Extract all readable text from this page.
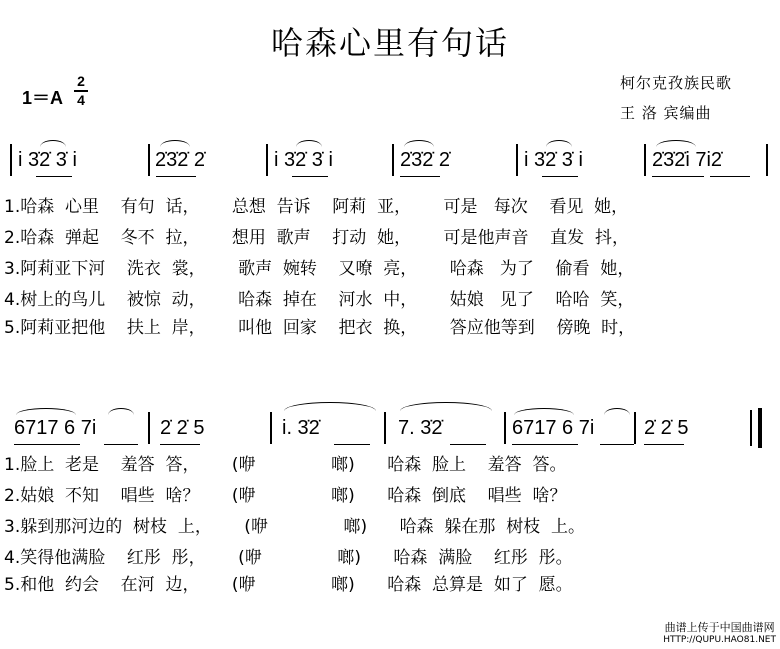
哈森心里有句话
1＝A
2
4
柯尔克孜族民歌
王 洛 宾编曲
i 3̇2̇ 3̇ i	2̇3̇2̇ 2̇	i 3̇2̇ 3̇ i	2̇3̇2̇ 2̇	i 3̇2̇ 3̇ i	2̇3̇2̇i 7i2̇
1.哈森  心里    有句  话，      总想  告诉    阿莉  亚，      可是   每次    看见  她，
2.哈森  弹起    冬不  拉，      想用  歌声    打动  她，      可是他声音    直发  抖，
3.阿莉亚下河    洗衣  裳，      歌声  婉转    又嘹  亮，      哈森   为了    偷看  她，
4.树上的鸟儿    被惊  动，      哈森  掉在    河水  中，      姑娘   见了    哈哈  笑，
5.阿莉亚把他    扶上  岸，      叫他  回家    把衣  换，      答应他等到    傍晚  时，
6717 6 7i	2̇ 2̇ 5	i. 3̇2̇	7. 3̇2̇	6717 6 7i 2̇ 2̇ 5
1.脸上  老是    羞答  答，      (咿              啷)      哈森  脸上    羞答  答。
2.姑娘  不知    唱些  啥？      (咿              啷)      哈森  倒底    唱些  啥？
3.躲到那河边的  树枝  上，      (咿              啷)      哈森  躲在那  树枝  上。
4.笑得他满脸    红彤  彤，      (咿              啷)      哈森  满脸    红彤  彤。
5.和他  约会    在河  边，      (咿              啷)      哈森  总算是  如了  愿。
曲谱上传于中国曲谱网
HTTP://QUPU.HAO81.NET
